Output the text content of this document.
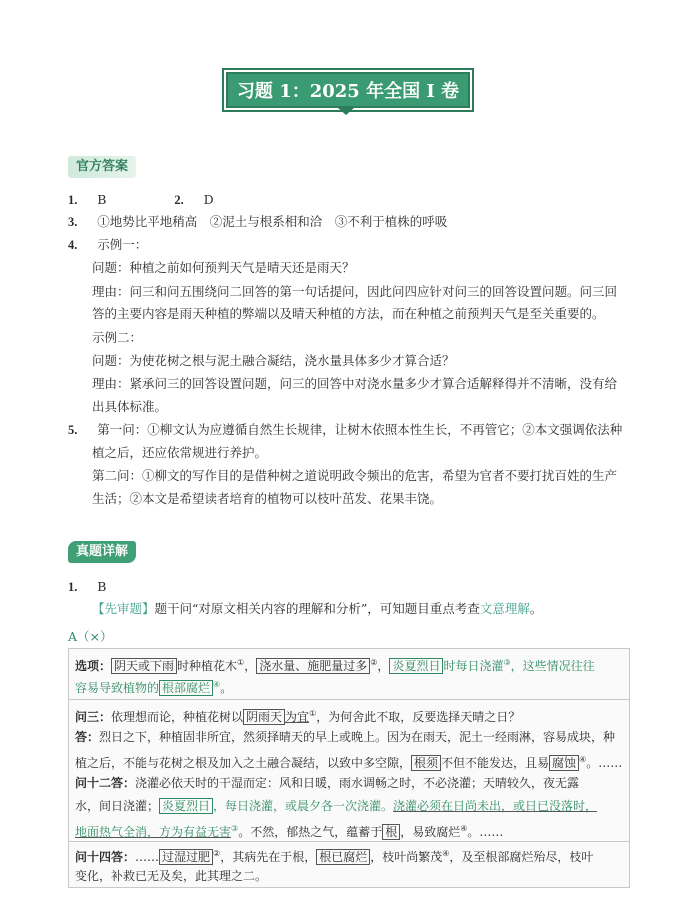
习题 1：2025 年全国 I 卷
官方答案
1. B	2. D
3. ①地势比平地稍高　②泥土与根系相和洽　③不利于植株的呼吸
4. 示例一：
问题：种植之前如何预判天气是晴天还是雨天？
理由：问三和问五围绕问二回答的第一句话提问，因此问四应针对问三的回答设置问题。问三回
答的主要内容是雨天种植的弊端以及晴天种植的方法，而在种植之前预判天气是至关重要的。
示例二：
问题：为使花树之根与泥土融合凝结，浇水量具体多少才算合适？
理由：紧承问三的回答设置问题，问三的回答中对浇水量多少才算合适解释得并不清晰，没有给
出具体标准。
5. 第一问：①柳文认为应遵循自然生长规律，让树木依照本性生长，不再管它；②本文强调依法种
植之后，还应依常规进行养护。
第二问：①柳文的写作目的是借种树之道说明政令频出的危害，希望为官者不要打扰百姓的生产
生活；②本文是希望读者培育的植物可以枝叶茁发、花果丰饶。
真题详解
1. B
【先审题】题干问“对原文相关内容的理解和分析”，可知题目重点考查文意理解。
A（×）
选项： 阴天或下雨 时种植花木①， 浇水量、施肥量过多 ②， 炎夏烈日 时每日浇灌③，这些情况往往
容易导致植物的 根部腐烂 ④。
问三：依理想而论，种植花树以 阴雨天 为宜①，为何舍此不取，反要选择天晴之日？
答：烈日之下，种植固非所宜，然须择晴天的早上或晚上。因为在雨天，泥土一经雨淋，容易成块，种
植之后，不能与花树之根及加入之土融合凝结，以致中多空隙， 根须 不但不能发达，且易 腐蚀 ④。……
问十二答：浇灌必依天时的干湿而定：风和日暖，雨水调畅之时，不必浇灌；天晴较久，夜无露
水，间日浇灌； 炎夏烈日 ，每日浇灌，或晨夕各一次浇灌。浇灌必须在日尚未出，或日已没落时，
地面热气全消，方为有益无害③。不然，郁热之气，蕴蓄于 根 ，易致腐烂④。……
问十四答：…… 过湿过肥 ②，其病先在于根， 根已腐烂 ，枝叶尚繁茂④，及至根部腐烂殆尽，枝叶
变化，补救已无及矣，此其理之二。
